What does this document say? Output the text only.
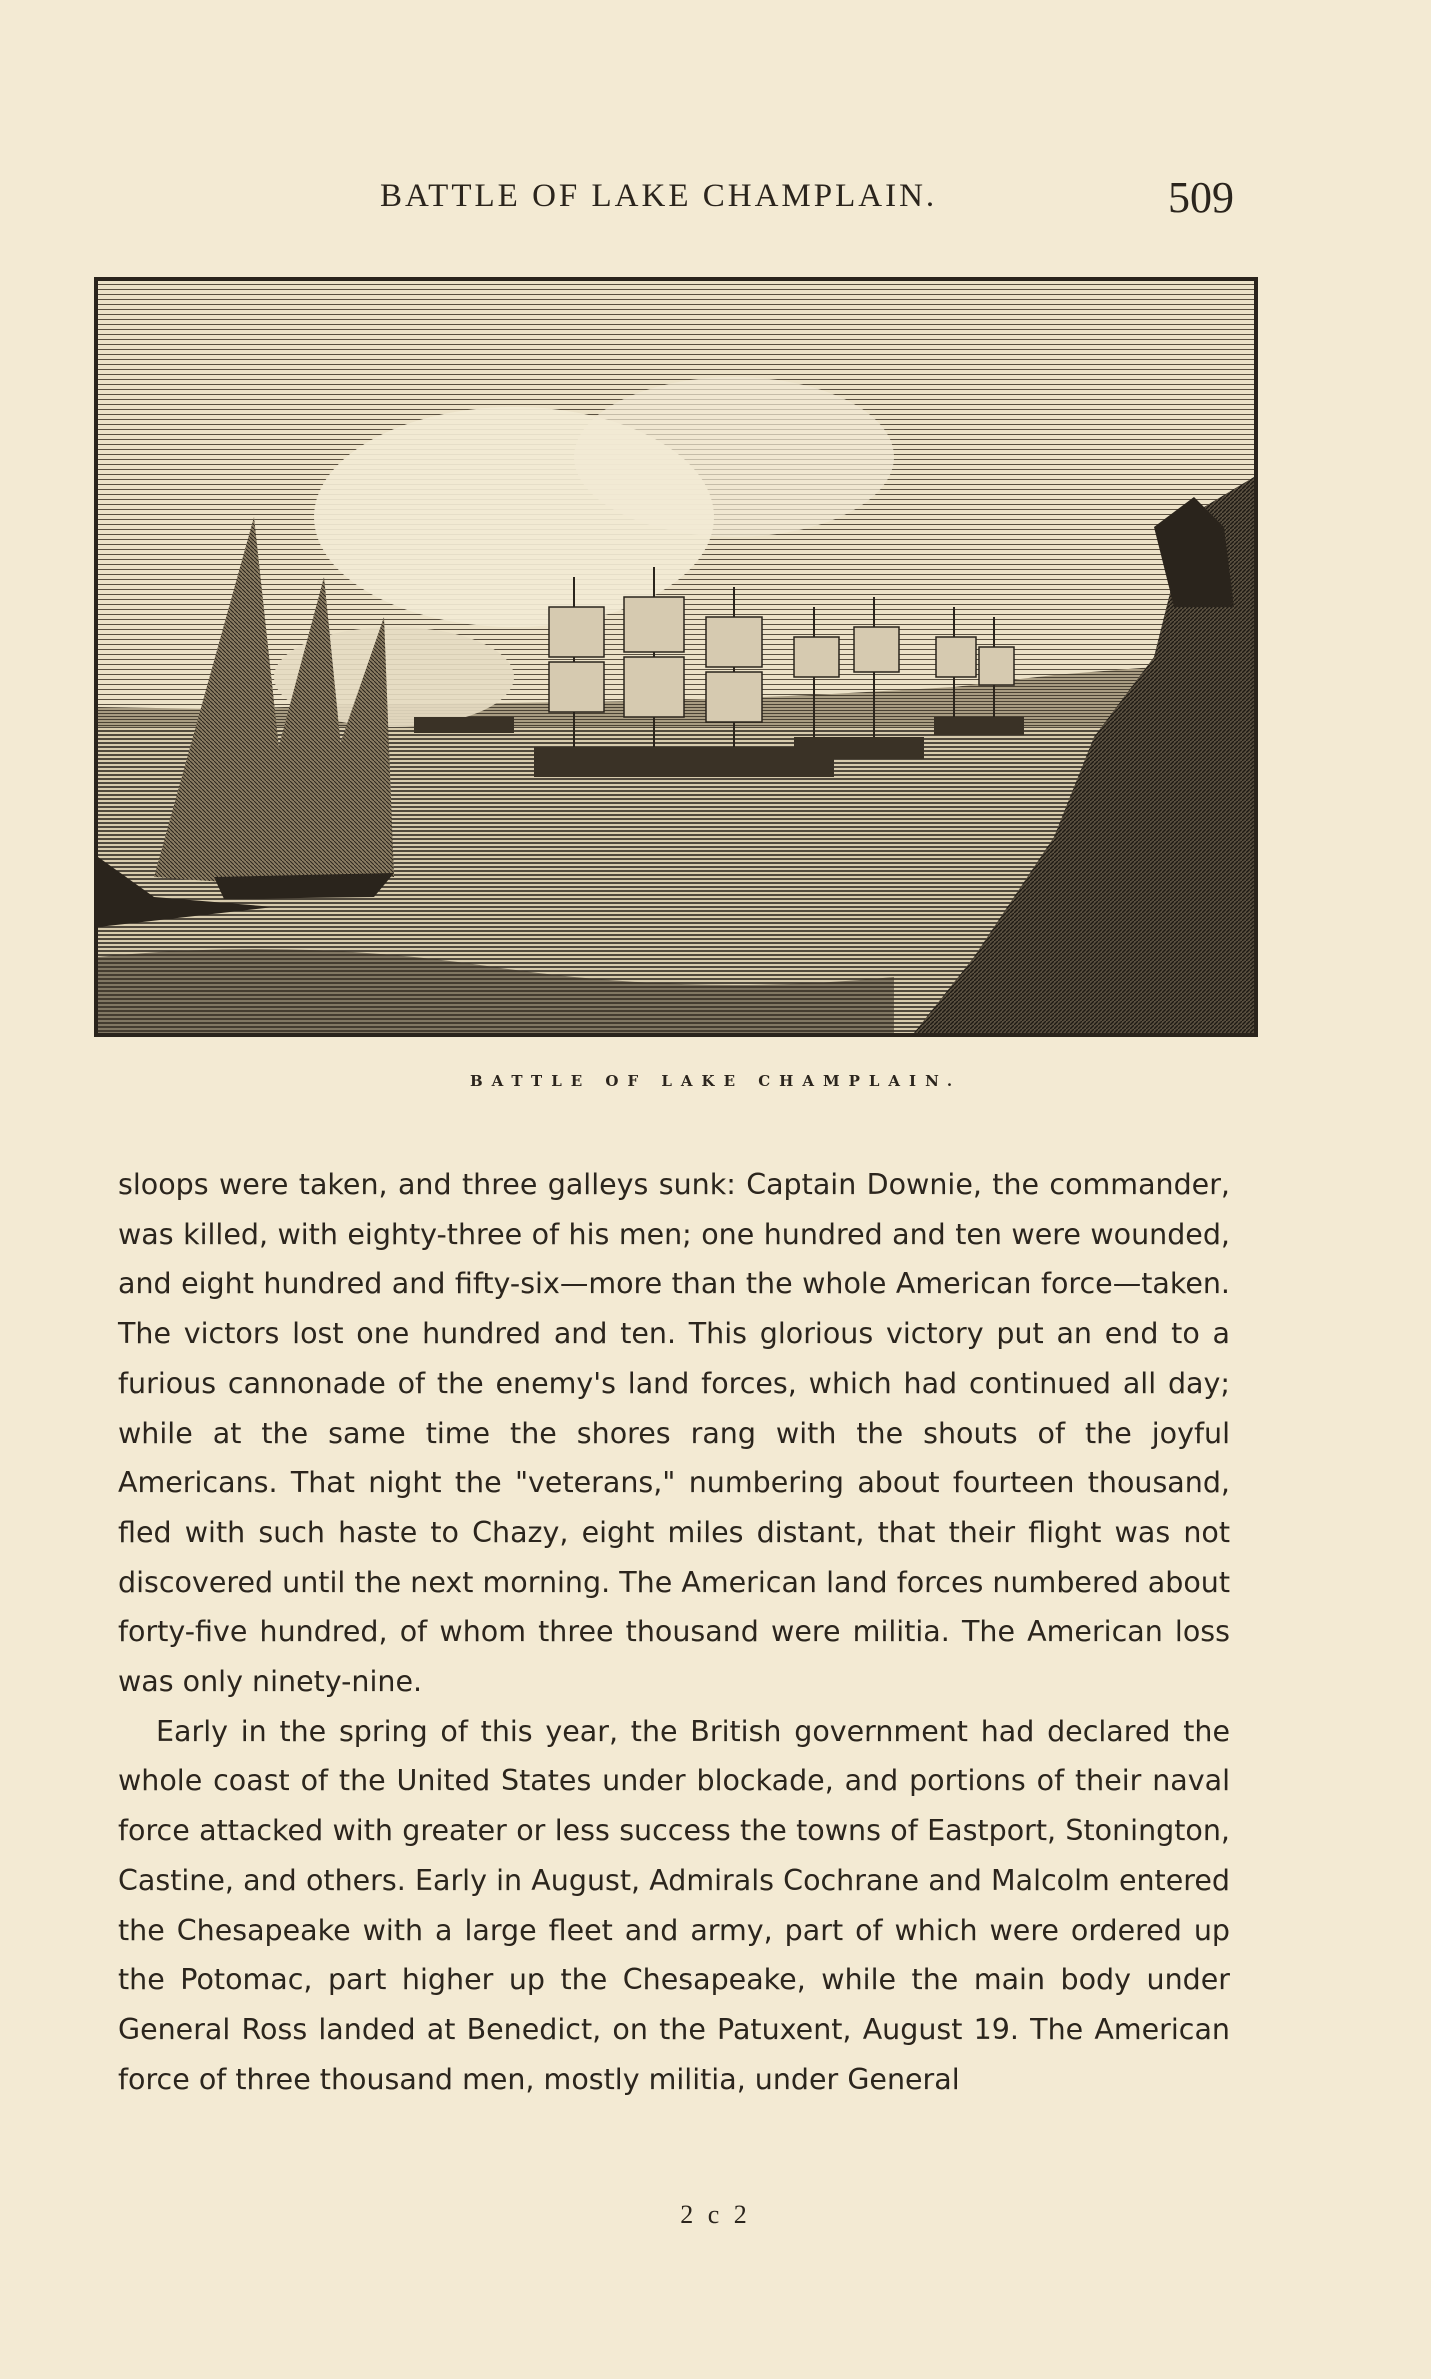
BATTLE OF LAKE CHAMPLAIN.	509
BATTLE OF LAKE CHAMPLAIN.

sloops were taken, and three galleys sunk: Captain Downie, the commander, was killed, with eighty-three of his men; one hundred and ten were wounded, and eight hundred and fifty-six—more than the whole American force—taken. The victors lost one hundred and ten. This glorious victory put an end to a furious cannonade of the enemy's land forces, which had continued all day; while at the same time the shores rang with the shouts of the joyful Americans. That night the "veterans," numbering about fourteen thousand, fled with such haste to Chazy, eight miles distant, that their flight was not discovered until the next morning. The American land forces numbered about forty-five hundred, of whom three thousand were militia. The American loss was only ninety-nine.

Early in the spring of this year, the British government had declared the whole coast of the United States under blockade, and portions of their naval force attacked with greater or less success the towns of Eastport, Stonington, Castine, and others. Early in August, Admirals Cochrane and Malcolm entered the Chesapeake with a large fleet and army, part of which were ordered up the Potomac, part higher up the Chesapeake, while the main body under General Ross landed at Benedict, on the Patuxent, August 19. The American force of three thousand men, mostly militia, under General

2 c 2
